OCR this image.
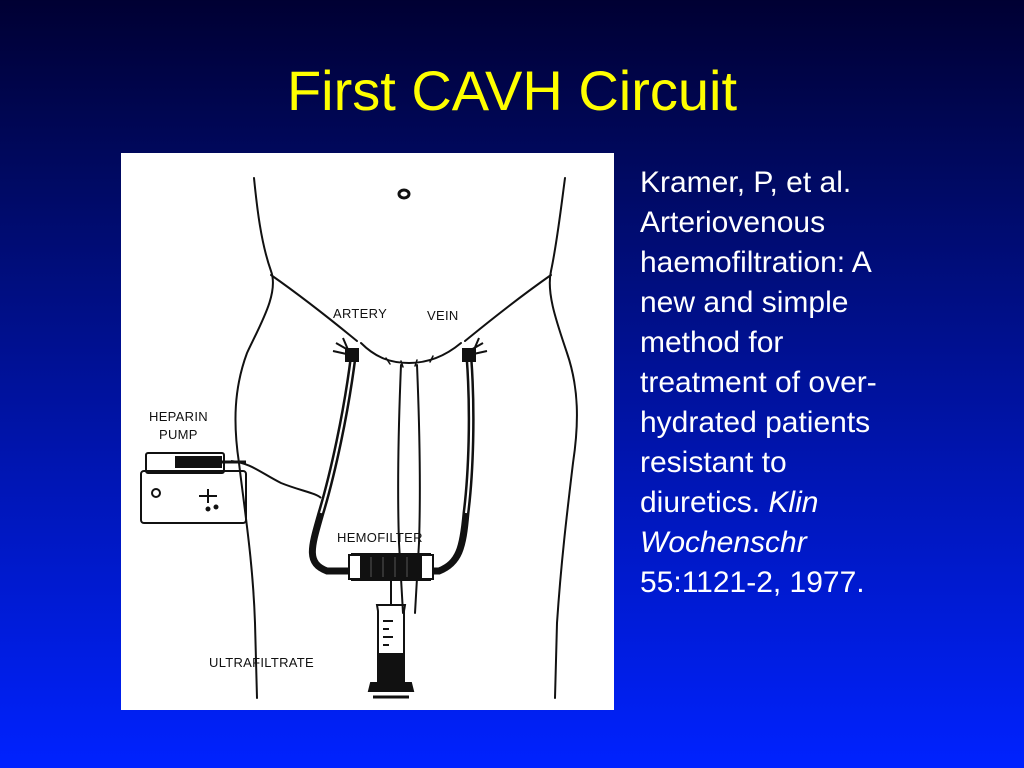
First CAVH Circuit
ARTERY	VEIN
HEPARIN
PUMP
HEMOFILTER
ULTRAFILTRATE
Kramer, P, et al.
Arteriovenous
haemofiltration: A
new and simple
method for
treatment of over-
hydrated patients
resistant to
diuretics. Klin
Wochenschr
55:1121-2, 1977.
